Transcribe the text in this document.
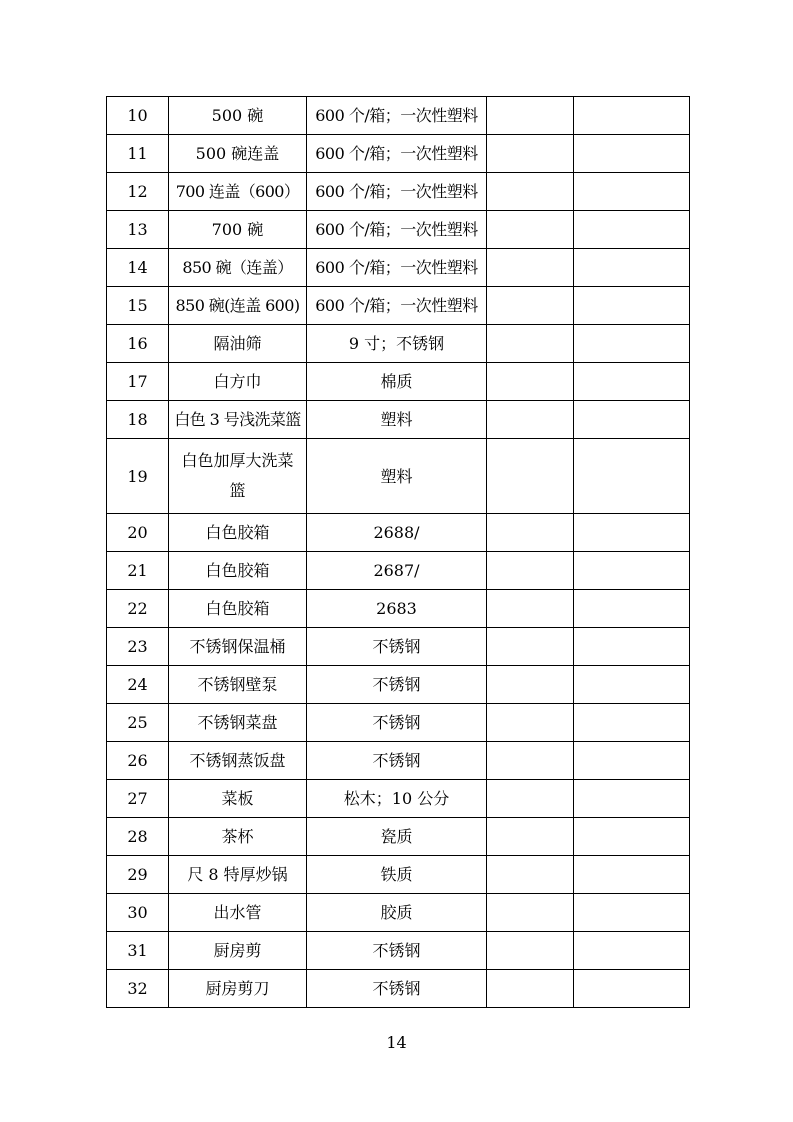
10	500 碗	600 个/箱；一次性塑料		
11	500 碗连盖	600 个/箱；一次性塑料		
12	700 连盖（600）	600 个/箱；一次性塑料		
13	700 碗	600 个/箱；一次性塑料		
14	850 碗（连盖）	600 个/箱；一次性塑料		
15	850 碗(连盖 600)	600 个/箱；一次性塑料		
16	隔油筛	9 寸；不锈钢		
17	白方巾	棉质		
18	白色 3 号浅洗菜篮	塑料		
19	白色加厚大洗菜篮	塑料		
20	白色胶箱	2688/		
21	白色胶箱	2687/		
22	白色胶箱	2683		
23	不锈钢保温桶	不锈钢		
24	不锈钢壁泵	不锈钢		
25	不锈钢菜盘	不锈钢		
26	不锈钢蒸饭盘	不锈钢		
27	菜板	松木；10 公分		
28	茶杯	瓷质		
29	尺 8 特厚炒锅	铁质		
30	出水管	胶质		
31	厨房剪	不锈钢		
32	厨房剪刀	不锈钢		
14
